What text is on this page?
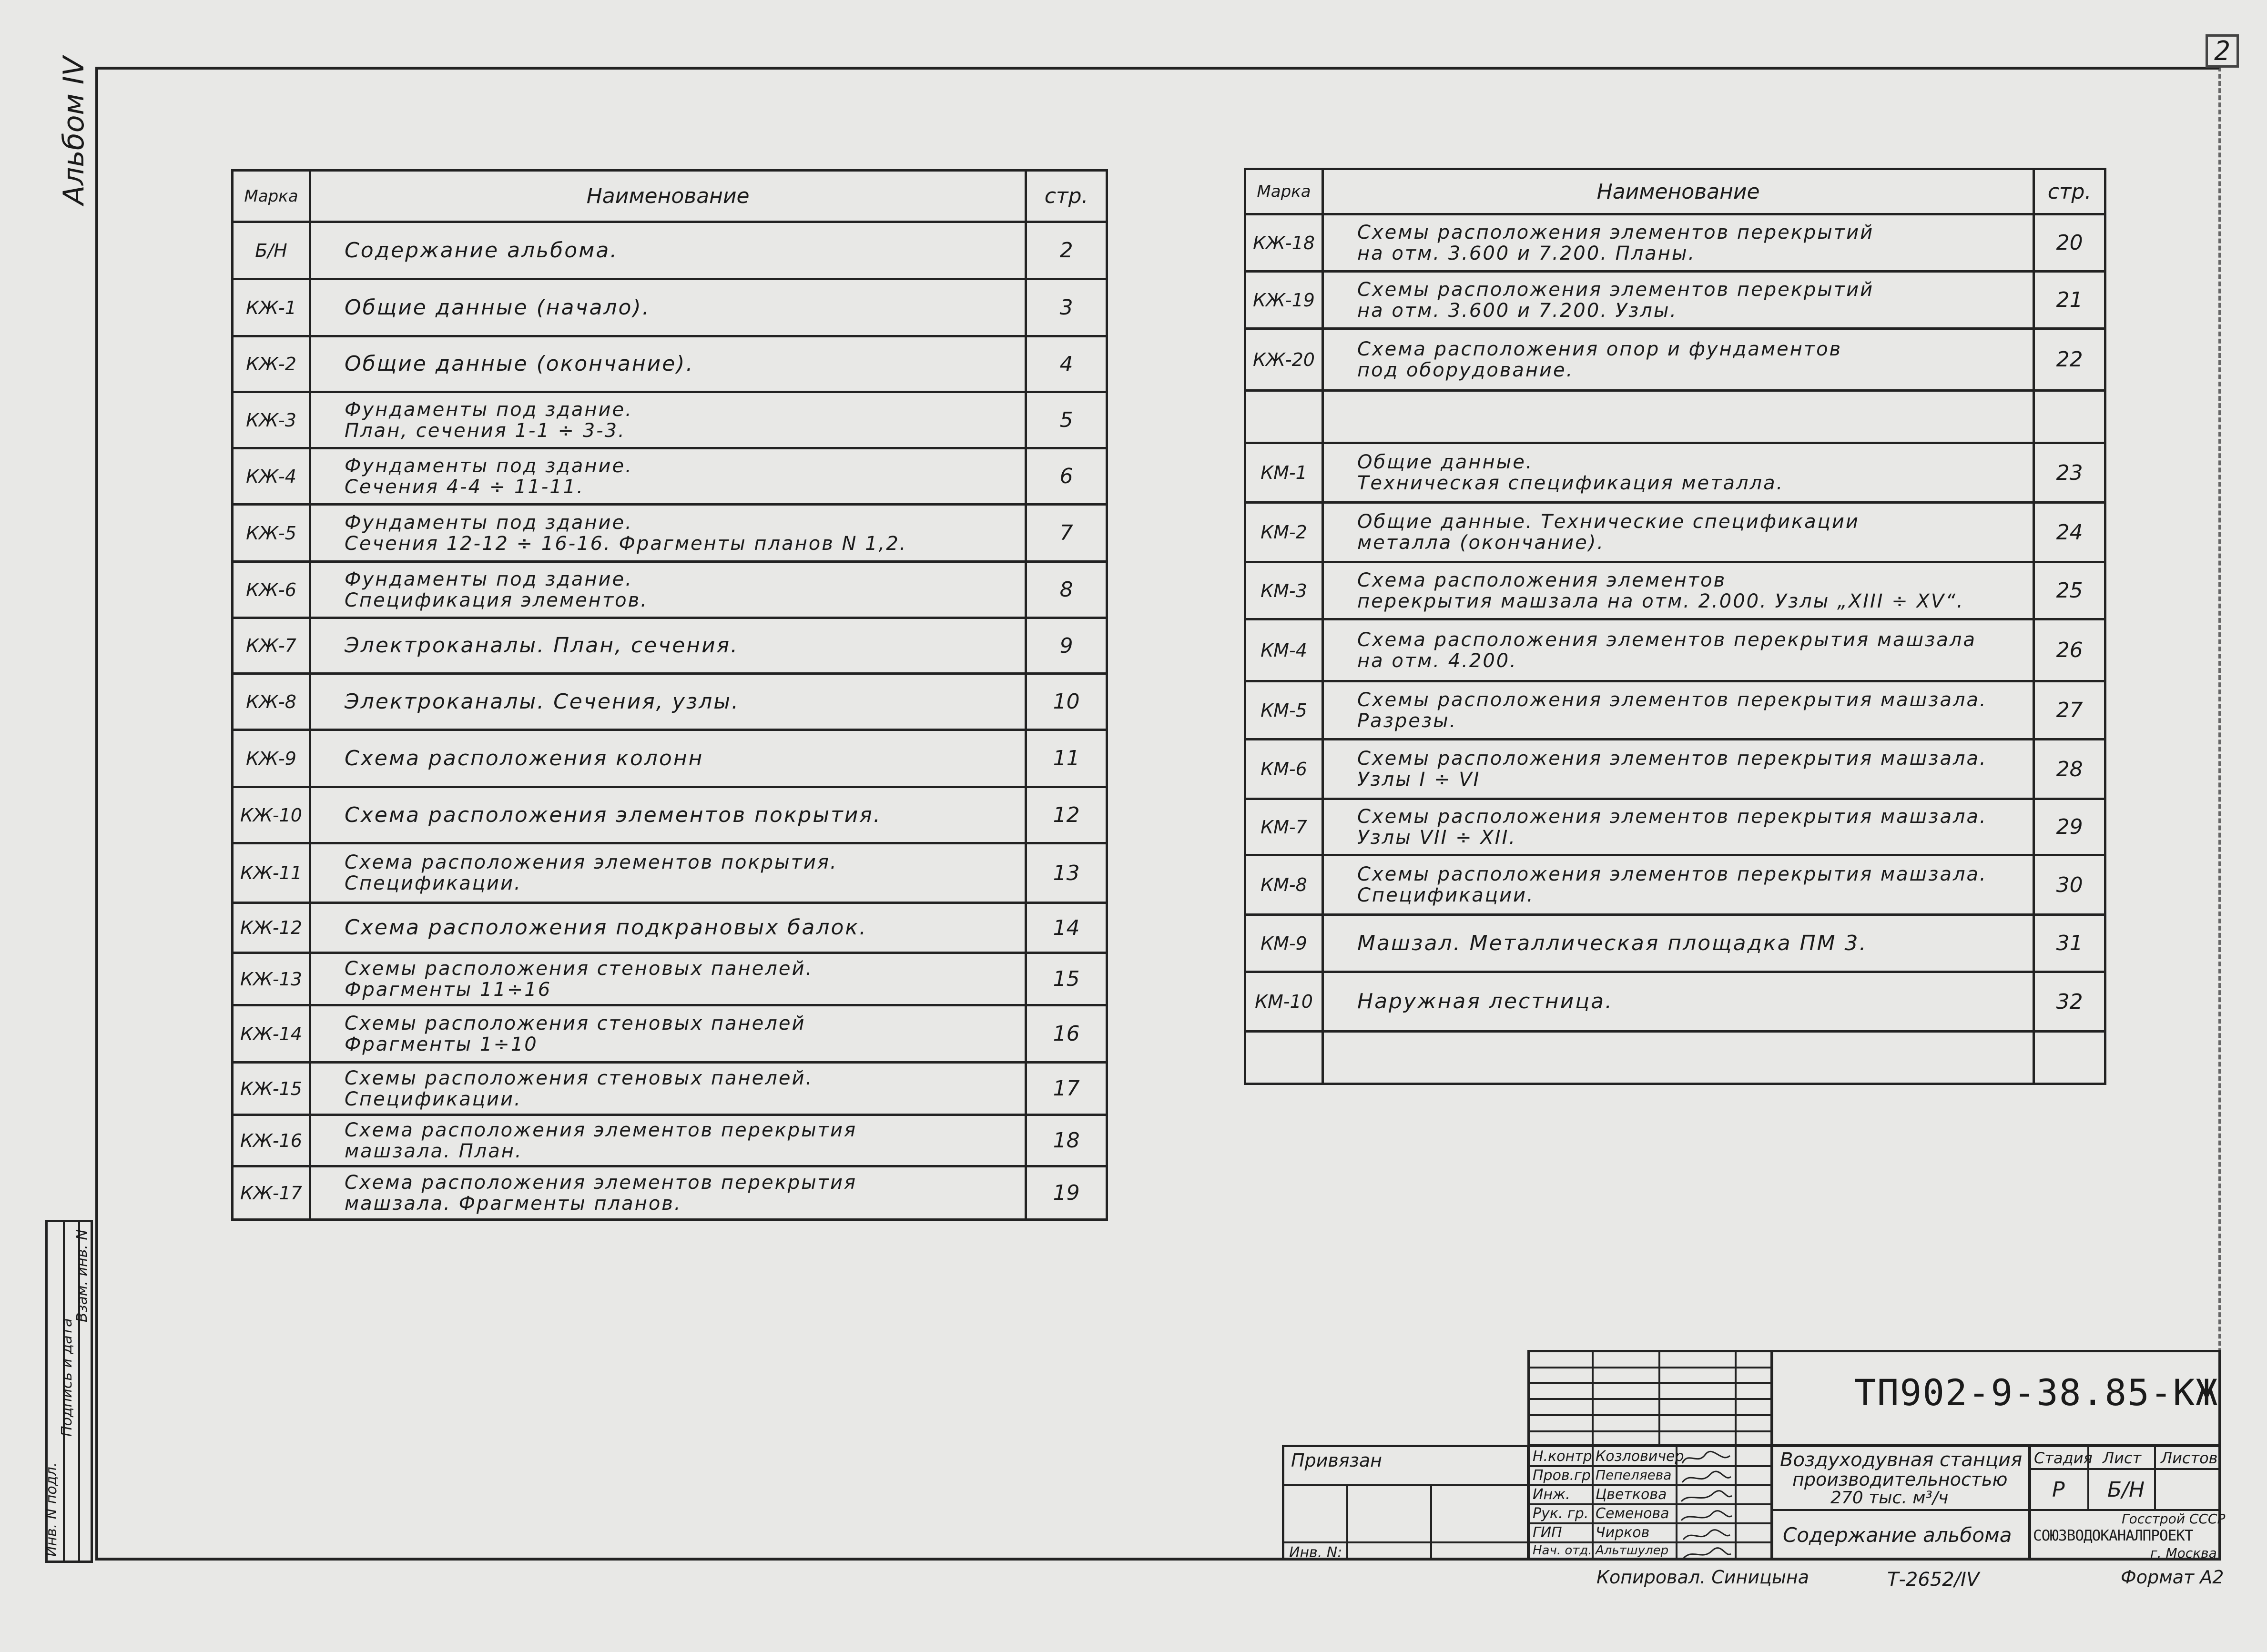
2
Альбом IV
Инв. N подл.
Подпись и дата
Взам. инв. N
Марка	Наименование	стр.
Б/Н	Содержание альбома.	2
КЖ-1	Общие данные (начало).	3
КЖ-2	Общие данные (окончание).	4
КЖ-3	Фундаменты под здание.
План, сечения 1-1 ÷ 3-3.	5
КЖ-4	Фундаменты под здание.
Сечения 4-4 ÷ 11-11.	6
КЖ-5	Фундаменты под здание.
Сечения 12-12 ÷ 16-16. Фрагменты планов N 1,2.	7
КЖ-6	Фундаменты под здание.
Спецификация элементов.	8
КЖ-7	Электроканалы. План, сечения.	9
КЖ-8	Электроканалы. Сечения, узлы.	10
КЖ-9	Схема расположения колонн	11
КЖ-10	Схема расположения элементов покрытия.	12
КЖ-11	Схема расположения элементов покрытия.
Спецификации.	13
КЖ-12	Схема расположения подкрановых балок.	14
КЖ-13	Схемы расположения стеновых панелей.
Фрагменты 11÷16	15
КЖ-14	Схемы расположения стеновых панелей
Фрагменты 1÷10	16
КЖ-15	Схемы расположения стеновых панелей.
Спецификации.	17
КЖ-16	Схема расположения элементов перекрытия
машзала. План.	18
КЖ-17	Схема расположения элементов перекрытия
машзала. Фрагменты планов.	19
Марка	Наименование	стр.
КЖ-18	Схемы расположения элементов перекрытий
на отм. 3.600 и 7.200. Планы.	20
КЖ-19	Схемы расположения элементов перекрытий
на отм. 3.600 и 7.200. Узлы.	21
КЖ-20	Схема расположения опор и фундаментов
под оборудование.	22

КМ-1	Общие данные.
Техническая спецификация металла.	23
КМ-2	Общие данные. Технические спецификации
металла (окончание).	24
КМ-3	Схема расположения элементов
перекрытия машзала на отм. 2.000. Узлы „XIII ÷ XV“.	25
КМ-4	Схема расположения элементов перекрытия машзала
на отм. 4.200.	26
КМ-5	Схемы расположения элементов перекрытия машзала.
Разрезы.	27
КМ-6	Схемы расположения элементов перекрытия машзала.
Узлы I ÷ VI	28
КМ-7	Схемы расположения элементов перекрытия машзала.
Узлы VII ÷ XII.	29
КМ-8	Схемы расположения элементов перекрытия машзала.
Спецификации.	30
КМ-9	Машзал. Металлическая площадка ПМ 3.	31
КМ-10	Наружная лестница.	32

ТП902-9-38.85-КЖ
Н.контр Козловичер
Пров.гр. Пепеляева
Инж. Цветкова
Рук. гр. Семенова
ГИП Чирков
Нач. отд. Альтшулер
Воздуходувная станция
производительностью
270 тыс. м³/ч
Содержание альбома
Стадия Лист Листов
Р Б/Н
Госстрой СССР
СОЮЗВОДОКАНАЛПРОЕКТ
г. Москва
Привязан
Инв. N:
Копировал. Синицына	Т-2652/IV	Формат А2
